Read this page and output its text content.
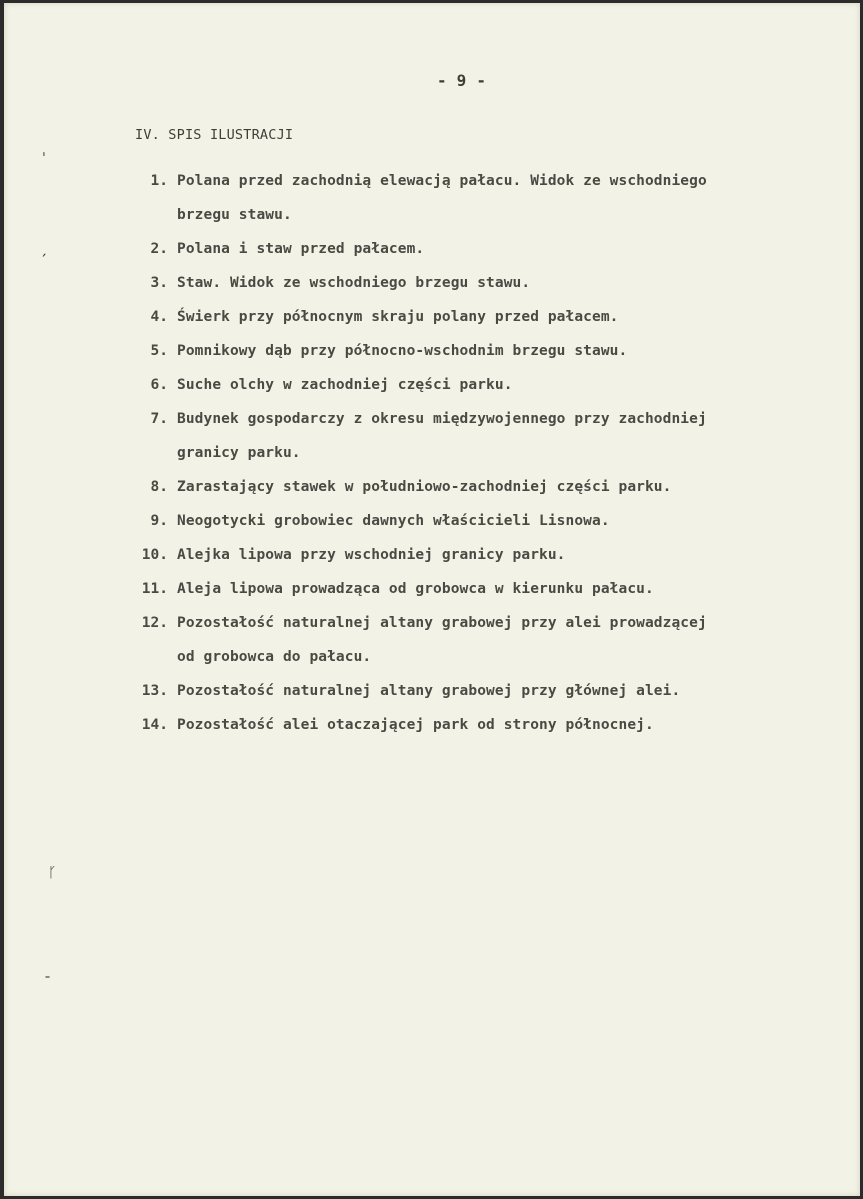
- 9 -
IV. SPIS ILUSTRACJI
1. Polana przed zachodnią elewacją pałacu. Widok ze wschodniego
brzegu stawu.
2. Polana i staw przed pałacem.
3. Staw. Widok ze wschodniego brzegu stawu.
4. Świerk przy północnym skraju polany przed pałacem.
5. Pomnikowy dąb przy północno-wschodnim brzegu stawu.
6. Suche olchy w zachodniej części parku.
7. Budynek gospodarczy z okresu międzywojennego przy zachodniej
granicy parku.
8. Zarastający stawek w południowo-zachodniej części parku.
9. Neogotycki grobowiec dawnych właścicieli Lisnowa.
10. Alejka lipowa przy wschodniej granicy parku.
11. Aleja lipowa prowadząca od grobowca w kierunku pałacu.
12. Pozostałość naturalnej altany grabowej przy alei prowadzącej
od grobowca do pałacu.
13. Pozostałość naturalnej altany grabowej przy głównej alei.
14. Pozostałość alei otaczającej park od strony północnej.
ˈ
ˏ
ᚴ
ˉ
